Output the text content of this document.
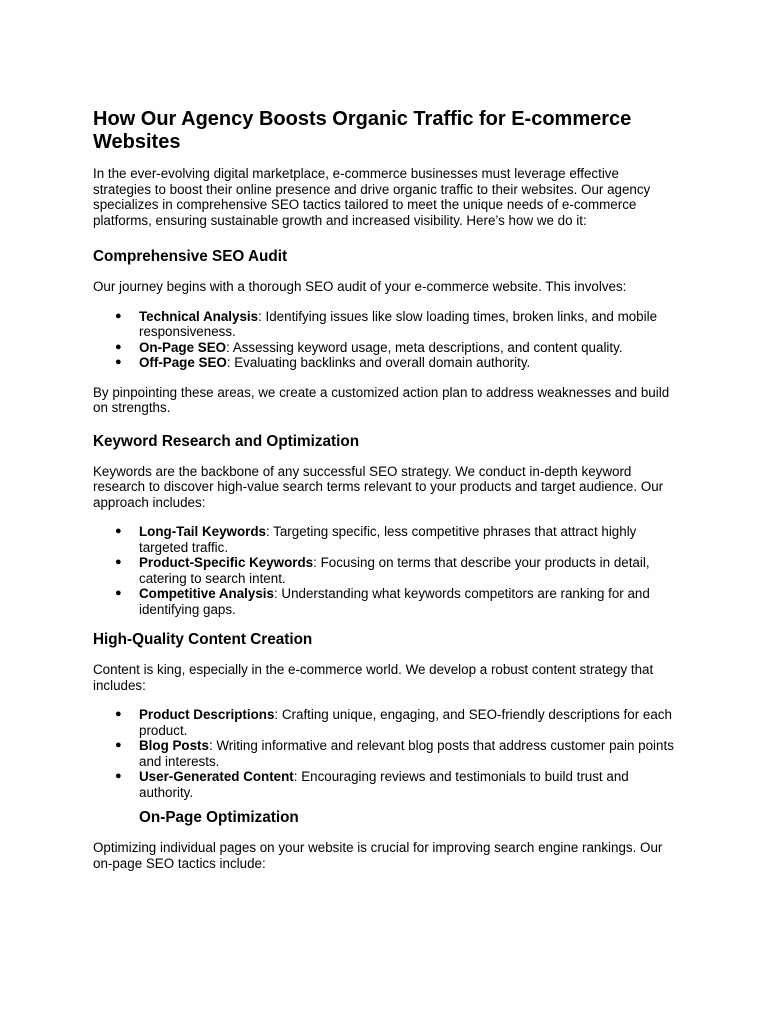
How Our Agency Boosts Organic Traffic for E-commerce Websites

In the ever-evolving digital marketplace, e-commerce businesses must leverage effective strategies to boost their online presence and drive organic traffic to their websites. Our agency specializes in comprehensive SEO tactics tailored to meet the unique needs of e-commerce platforms, ensuring sustainable growth and increased visibility. Here’s how we do it:

Comprehensive SEO Audit

Our journey begins with a thorough SEO audit of your e-commerce website. This involves:

● Technical Analysis: Identifying issues like slow loading times, broken links, and mobile responsiveness.
● On-Page SEO: Assessing keyword usage, meta descriptions, and content quality.
● Off-Page SEO: Evaluating backlinks and overall domain authority.

By pinpointing these areas, we create a customized action plan to address weaknesses and build on strengths.

Keyword Research and Optimization

Keywords are the backbone of any successful SEO strategy. We conduct in-depth keyword research to discover high-value search terms relevant to your products and target audience. Our approach includes:

● Long-Tail Keywords: Targeting specific, less competitive phrases that attract highly targeted traffic.
● Product-Specific Keywords: Focusing on terms that describe your products in detail, catering to search intent.
● Competitive Analysis: Understanding what keywords competitors are ranking for and identifying gaps.
High-Quality Content Creation

Content is king, especially in the e-commerce world. We develop a robust content strategy that includes:

● Product Descriptions: Crafting unique, engaging, and SEO-friendly descriptions for each product.
● Blog Posts: Writing informative and relevant blog posts that address customer pain points and interests.
● User-Generated Content: Encouraging reviews and testimonials to build trust and authority.
On-Page Optimization

Optimizing individual pages on your website is crucial for improving search engine rankings. Our on-page SEO tactics include:
